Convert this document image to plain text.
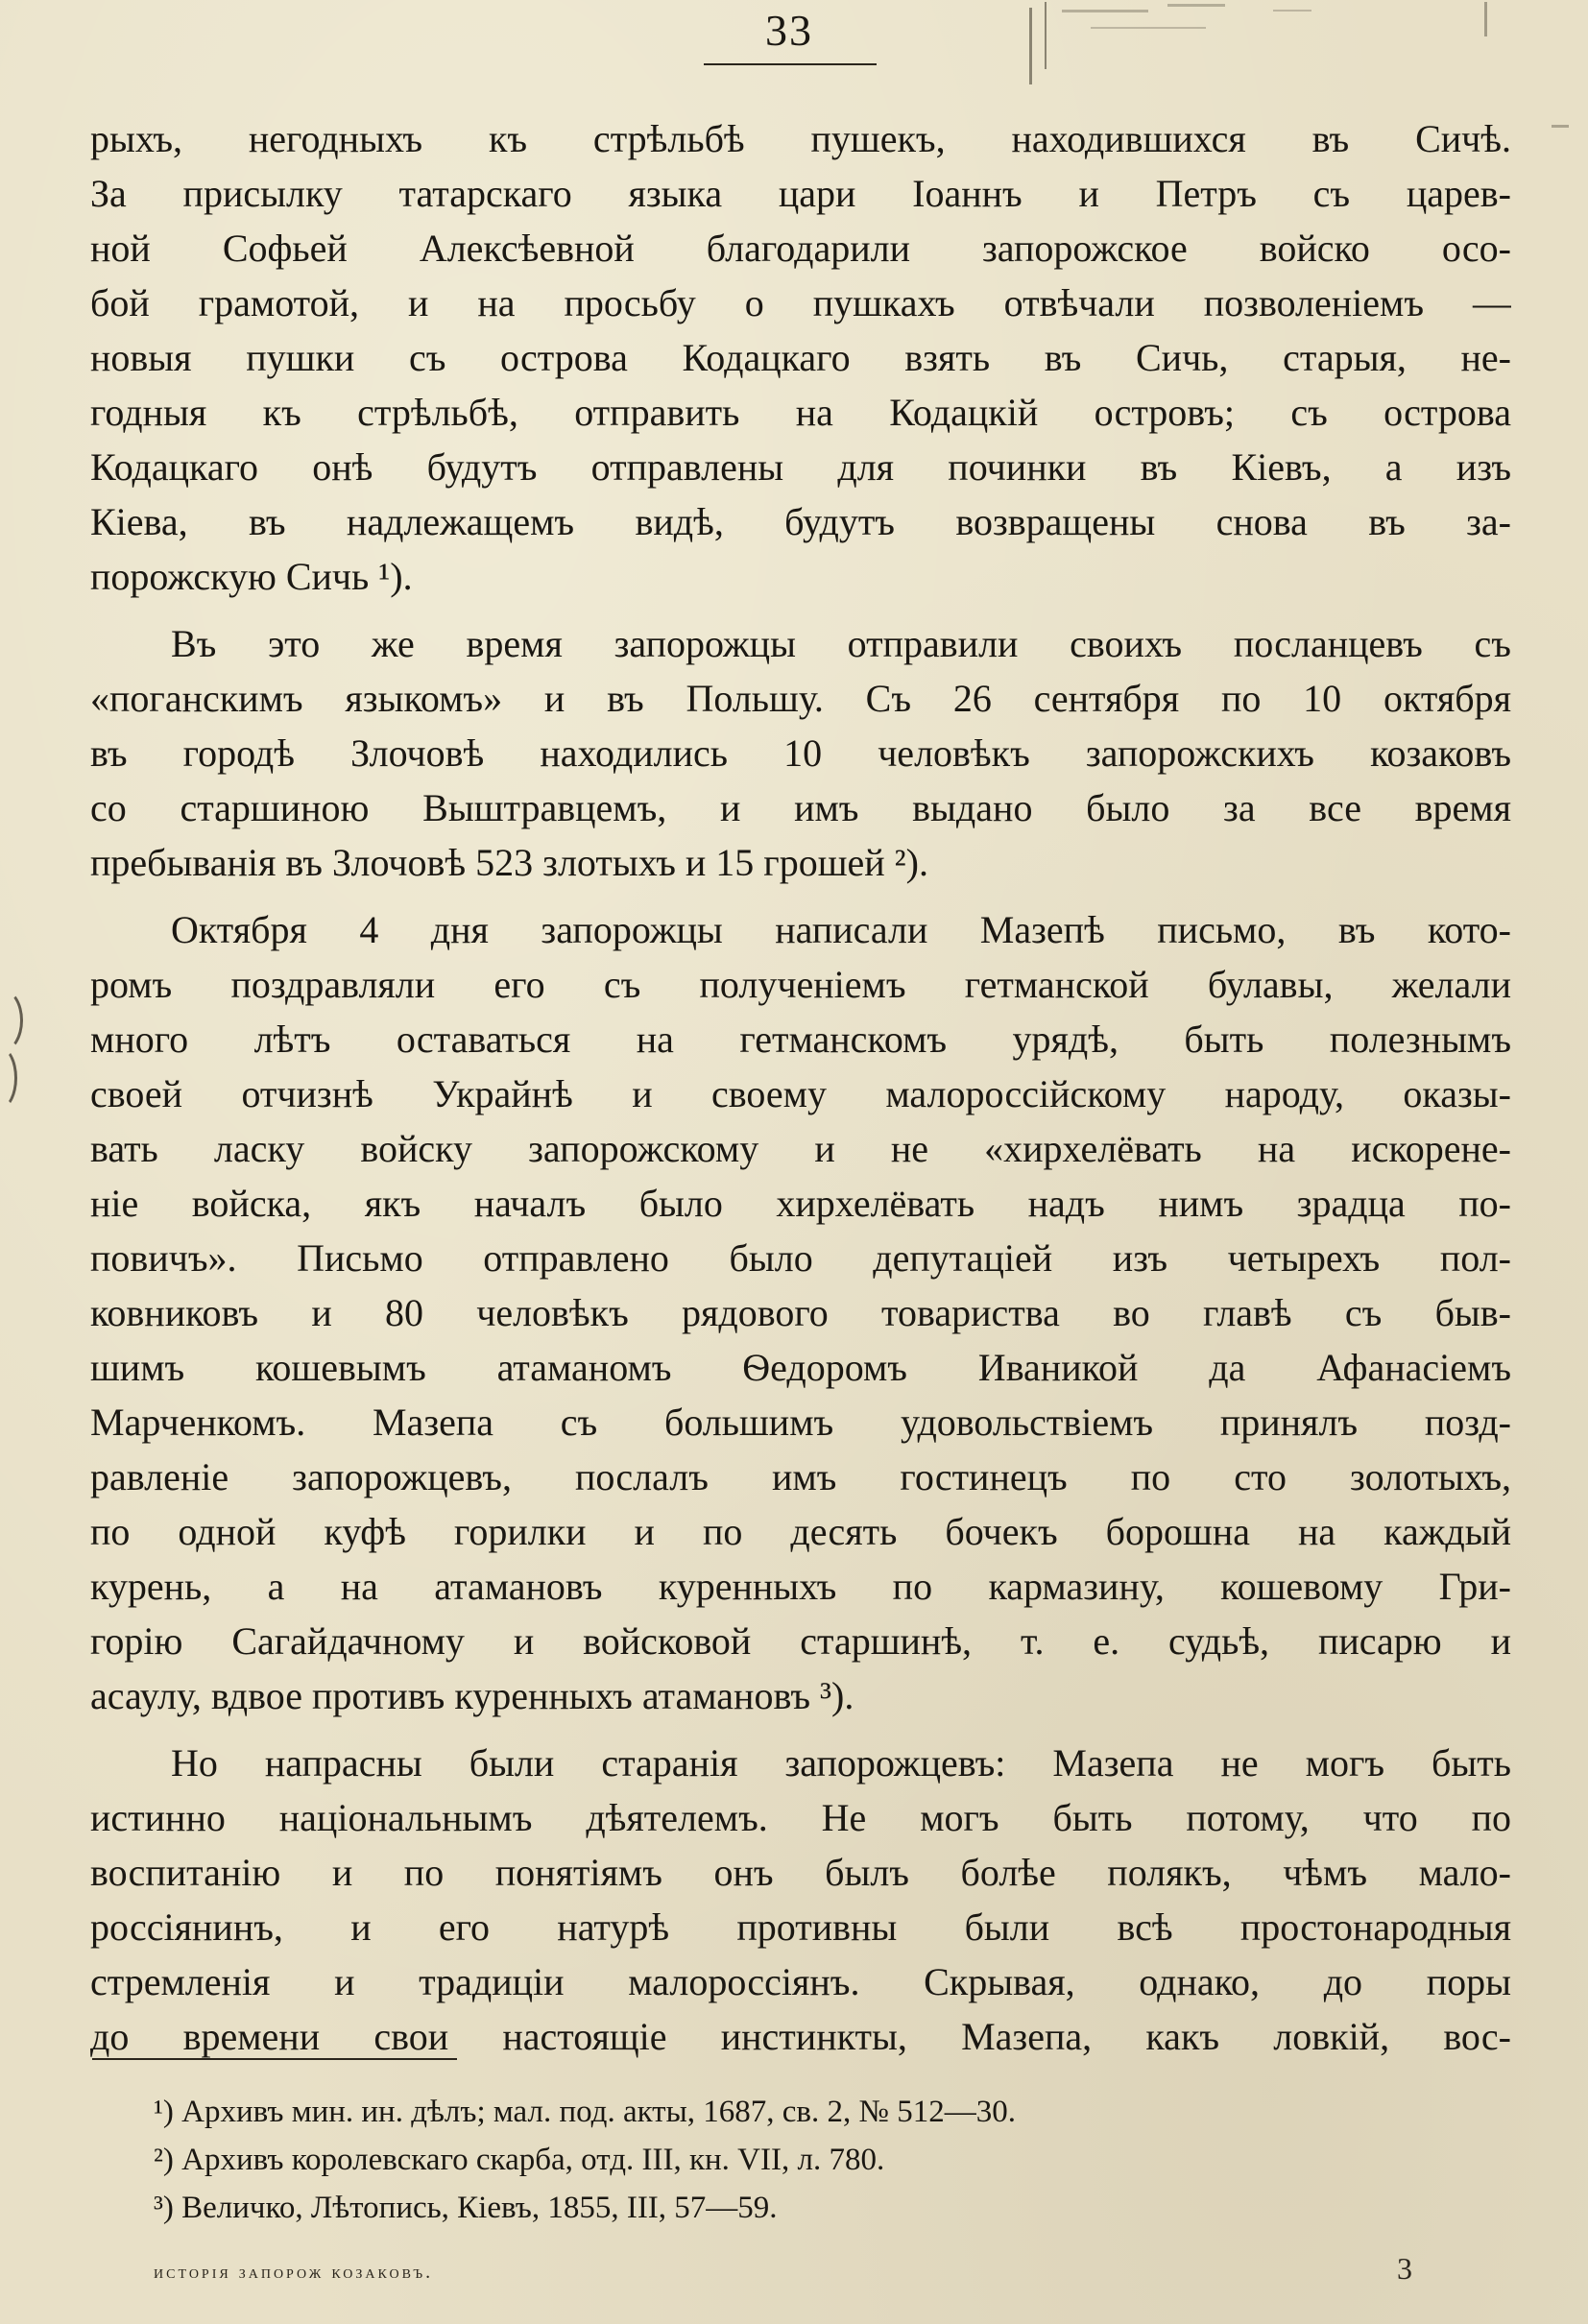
33
рыхъ, негодныхъ къ стрѣльбѣ пушекъ, находившихся въ Сичѣ.
За присылку татарскаго языка цари Іоаннъ и Петръ съ царев-
ной Софьей Алексѣевной благодарили запорожское войско осо-
бой грамотой, и на просьбу о пушкахъ отвѣчали позволеніемъ —
новыя пушки съ острова Кодацкаго взять въ Сичь, старыя, не-
годныя къ стрѣльбѣ, отправить на Кодацкій островъ; съ острова
Кодацкаго онѣ будутъ отправлены для починки въ Кіевъ, а изъ
Кіева, въ надлежащемъ видѣ, будутъ возвращены снова въ за-
порожскую Сичь ¹).
Въ это же время запорожцы отправили своихъ посланцевъ съ
«поганскимъ языкомъ» и въ Польшу. Съ 26 сентября по 10 октября
въ городѣ Злочовѣ находились 10 человѣкъ запорожскихъ козаковъ
со старшиною Выштравцемъ, и имъ выдано было за все время
пребыванія въ Злочовѣ 523 злотыхъ и 15 грошей ²).
Октября 4 дня запорожцы написали Мазепѣ письмо, въ кото-
ромъ поздравляли его съ полученіемъ гетманской булавы, желали
много лѣтъ оставаться на гетманскомъ урядѣ, быть полезнымъ
своей отчизнѣ Украйнѣ и своему малороссійскому народу, оказы-
вать ласку войску запорожскому и не «хирхелёвать на искорене-
ніе войска, якъ началъ было хирхелёвать надъ нимъ зрадца по-
повичъ». Письмо отправлено было депутаціей изъ четырехъ пол-
ковниковъ и 80 человѣкъ рядового товариства во главѣ съ быв-
шимъ кошевымъ атаманомъ Ѳедоромъ Иваникой да Афанасіемъ
Марченкомъ. Мазепа съ большимъ удовольствіемъ принялъ позд-
равленіе запорожцевъ, послалъ имъ гостинецъ по сто золотыхъ,
по одной куфѣ горилки и по десять бочекъ борошна на каждый
курень, а на атамановъ куренныхъ по кармазину, кошевому Гри-
горію Сагайдачному и войсковой старшинѣ, т. е. судьѣ, писарю и
асаулу, вдвое противъ куренныхъ атамановъ ³).
Но напрасны были старанія запорожцевъ: Мазепа не могъ быть
истинно національнымъ дѣятелемъ. Не могъ быть потому, что по
воспитанію и по понятіямъ онъ былъ болѣе полякъ, чѣмъ мало-
россіянинъ, и его натурѣ противны были всѣ простонародныя
стремленія и традиціи малороссіянъ. Скрывая, однако, до поры
до времени свои настоящіе инстинкты, Мазепа, какъ ловкій, вос-
¹) Архивъ мин. ин. дѣлъ; мал. под. акты, 1687, св. 2, № 512—30.
²) Архивъ королевскаго скарба, отд. III, кн. VII, л. 780.
³) Величко, Лѣтопись, Кіевъ, 1855, III, 57—59.
исторія запорож козаковъ.	3
